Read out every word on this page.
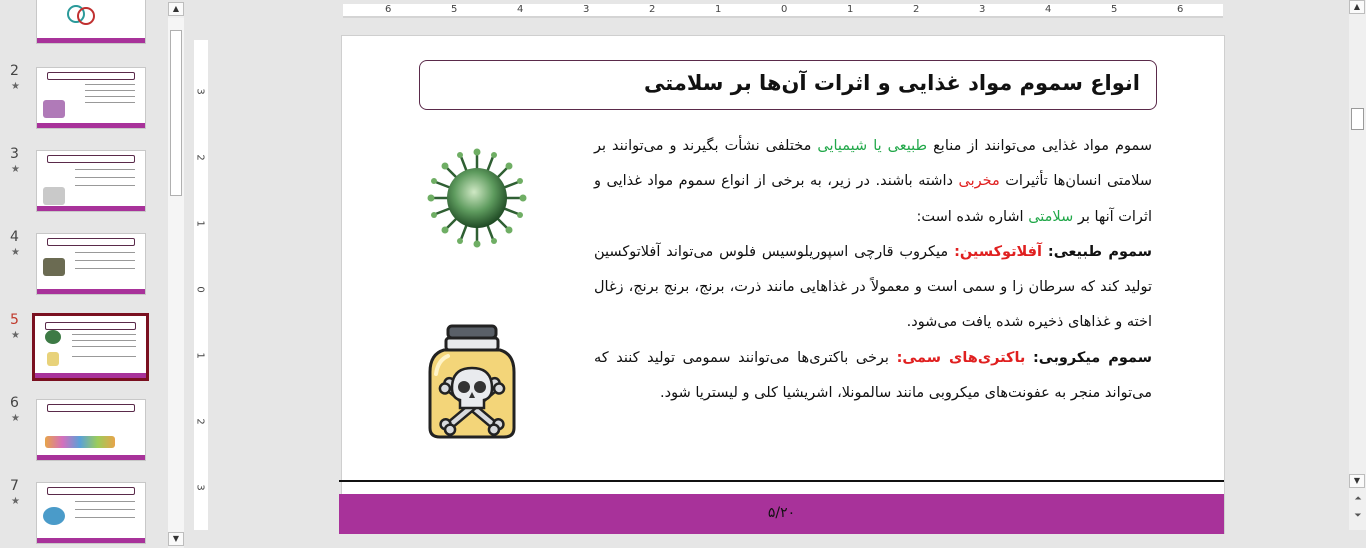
2
★
3
★
4
★
5
★
6
★
7
★
▲
▼
6	5	4	3	2	1	0	1	2	3	4	5	6
3
2
1
0
1
2
3
انواع سموم مواد غذایی و اثرات آن‌ها بر سلامتی

سموم مواد غذایی می‌توانند از منابع طبیعی یا شیمیایی مختلفی نشأت بگیرند و می‌توانند بر سلامتی انسان‌ها تأثیرات مخربی داشته باشند. در زیر، به برخی از انواع سموم مواد غذایی و اثرات آنها بر سلامتی اشاره شده است:

سموم طبیعی: آفلاتوکسین: میکروب قارچی اسپوریلوسیس فلوس می‌تواند آفلاتوکسین تولید کند که سرطان زا و سمی است و معمولاً در غذاهایی مانند ذرت، برنج، برنج برنج، زغال اخته و غذاهای ذخیره شده یافت می‌شود.

سموم میکروبی: باکتری‌های سمی: برخی باکتری‌ها می‌توانند سمومی تولید کنند که می‌تواند منجر به عفونت‌های میکروبی مانند سالمونلا، اشریشیا کلی و لیستریا شود.

۵/۲۰
▲
▼
⏶
⏷
